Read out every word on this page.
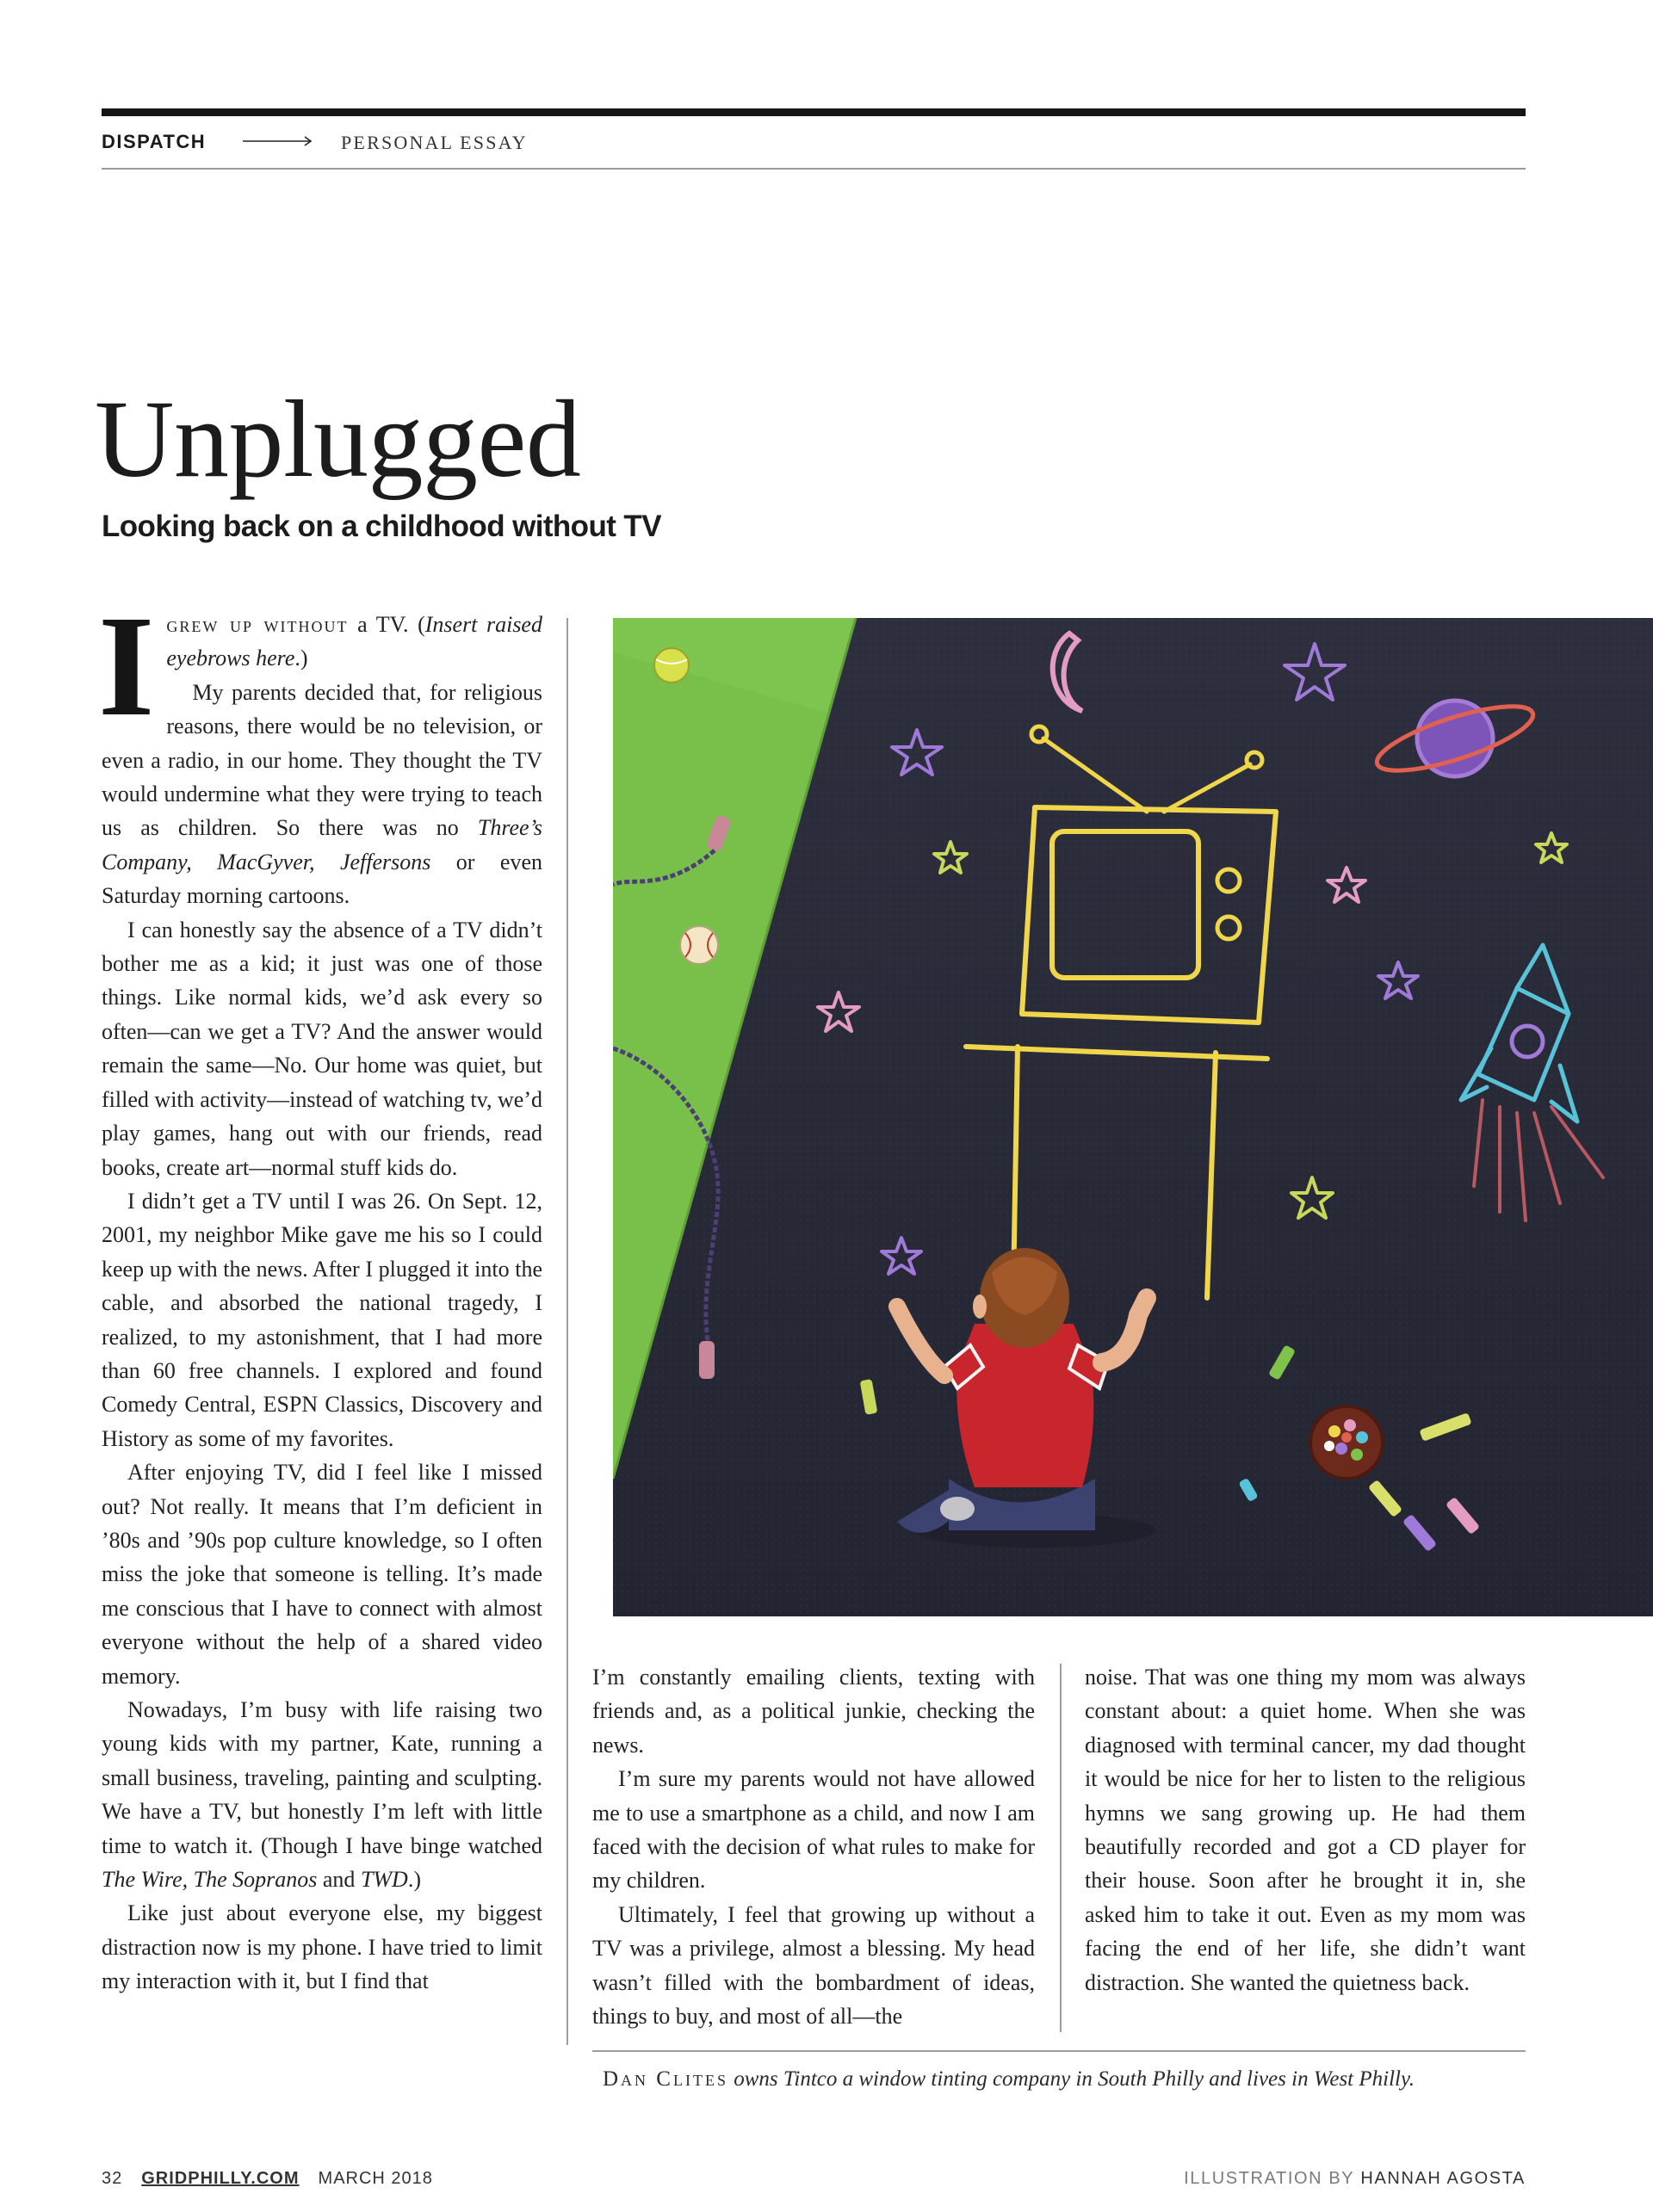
DISPATCH	PERSONAL ESSAY
Unplugged
Looking back on a childhood without TV

Igrew up without a TV. (Insert raised eyebrows here.)

My parents decided that, for religious reasons, there would be no television, or even a radio, in our home. They thought the TV would undermine what they were trying to teach us as children. So there was no Three’s Company, MacGyver, Jeffersons or even Saturday morning cartoons.

I can honestly say the absence of a TV didn’t bother me as a kid; it just was one of those things. Like normal kids, we’d ask every so often—can we get a TV? And the answer would remain the same—No. Our home was quiet, but filled with activity—instead of watching tv, we’d play games, hang out with our friends, read books, create art—normal stuff kids do.

I didn’t get a TV until I was 26. On Sept. 12, 2001, my neighbor Mike gave me his so I could keep up with the news. After I plugged it into the cable, and absorbed the national tragedy, I realized, to my astonishment, that I had more than 60 free channels. I explored and found Comedy Central, ESPN Classics, Discovery and History as some of my favorites.

After enjoying TV, did I feel like I missed out? Not really. It means that I’m deficient in ’80s and ’90s pop culture knowledge, so I often miss the joke that someone is telling. It’s made me conscious that I have to connect with almost everyone without the help of a shared video memory.

Nowadays, I’m busy with life raising two young kids with my partner, Kate, running a small business, traveling, painting and sculpting. We have a TV, but honestly I’m left with little time to watch it. (Though I have binge watched The Wire, The Sopranos and TWD.)

Like just about everyone else, my biggest distraction now is my phone. I have tried to limit my interaction with it, but I find that

I’m constantly emailing clients, texting with friends and, as a political junkie, checking the news.

I’m sure my parents would not have allowed me to use a smartphone as a child, and now I am faced with the decision of what rules to make for my children.

Ultimately, I feel that growing up without a TV was a privilege, almost a blessing. My head wasn’t filled with the bombardment of ideas, things to buy, and most of all—the

noise. That was one thing my mom was always constant about: a quiet home. When she was diagnosed with terminal cancer, my dad thought it would be nice for her to listen to the religious hymns we sang growing up. He had them beautifully recorded and got a CD player for their house. Soon after he brought it in, she asked him to take it out. Even as my mom was facing the end of her life, she didn’t want distraction. She wanted the quietness back.

Dan Clites owns Tintco a window tinting company in South Philly and lives in West Philly.
32 GRIDPHILLY.COM MARCH 2018	ILLUSTRATION BY HANNAH AGOSTA
